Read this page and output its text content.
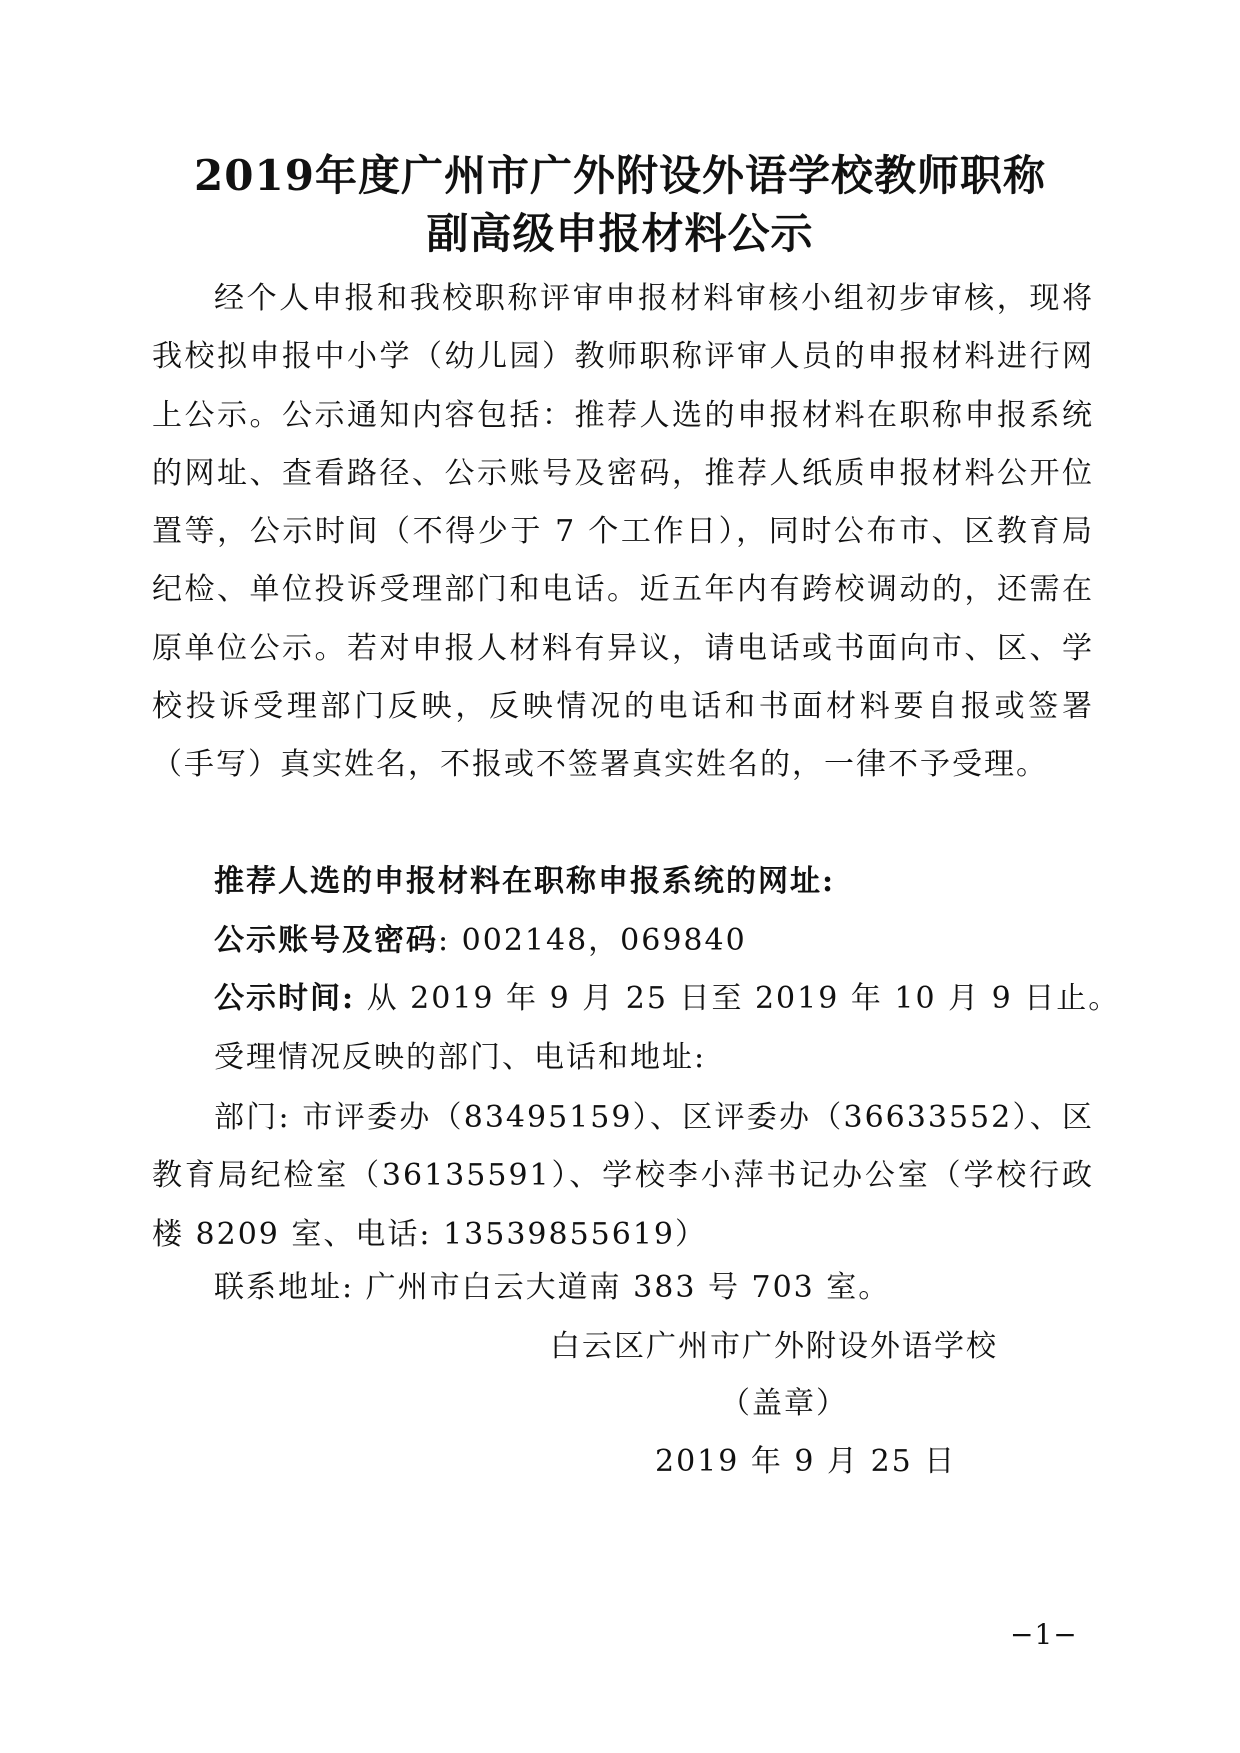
2019年度广州市广外附设外语学校教师职称
副高级申报材料公示
经个人申报和我校职称评审申报材料审核小组初步审核，现将我校拟申报中小学（幼儿园）教师职称评审人员的申报材料进行网上公示。公示通知内容包括：推荐人选的申报材料在职称申报系统的网址、查看路径、公示账号及密码，推荐人纸质申报材料公开位置等，公示时间（不得少于 7 个工作日），同时公布市、区教育局纪检、单位投诉受理部门和电话。近五年内有跨校调动的，还需在原单位公示。若对申报人材料有异议，请电话或书面向市、区、学校投诉受理部门反映，反映情况的电话和书面材料要自报或签署（手写）真实姓名，不报或不签署真实姓名的，一律不予受理。
推荐人选的申报材料在职称申报系统的网址:
公示账号及密码: 002148，069840
公示时间: 从 2019 年 9 月 25 日至 2019 年 10 月 9 日止。
受理情况反映的部门、电话和地址:
部门: 市评委办（83495159）、区评委办（36633552）、区教育局纪检室（36135591）、学校李小萍书记办公室（学校行政楼 8209 室、电话: 13539855619）
联系地址: 广州市白云大道南 383 号 703 室。
白云区广州市广外附设外语学校
（盖章）
2019 年 9 月 25 日
−1−
